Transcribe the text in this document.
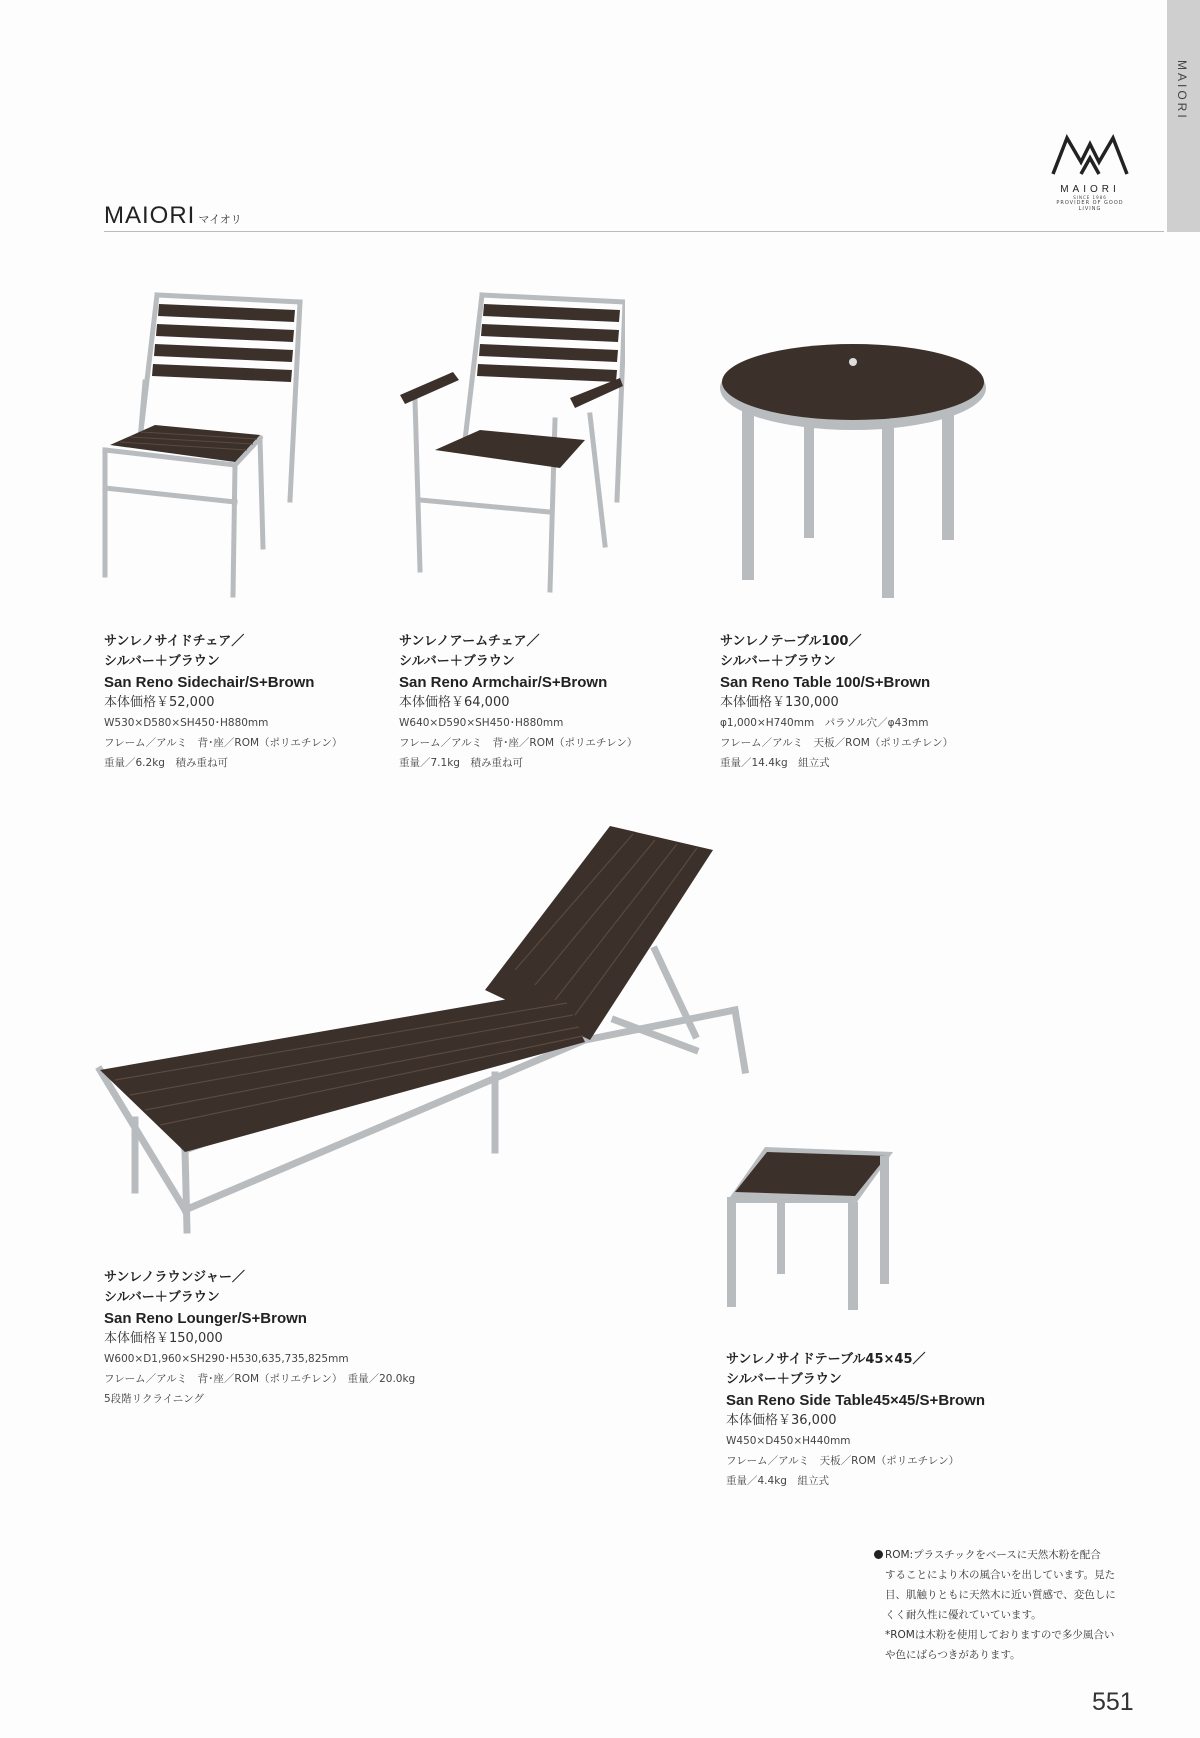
MAIORI
MAIORI
SINCE 1986
PROVIDER OF GOOD LIVING
MAIORI マイオリ
サンレノサイドチェア／
シルバー＋ブラウン
San Reno Sidechair/S+Brown
本体価格￥52,000
W530×D580×SH450･H880mm
フレーム／アルミ　背･座／ROM（ポリエチレン）
重量／6.2kg　積み重ね可
サンレノアームチェア／
シルバー＋ブラウン
San Reno Armchair/S+Brown
本体価格￥64,000
W640×D590×SH450･H880mm
フレーム／アルミ　背･座／ROM（ポリエチレン）
重量／7.1kg　積み重ね可
サンレノテーブル100／
シルバー＋ブラウン
San Reno Table 100/S+Brown
本体価格￥130,000
φ1,000×H740mm　パラソル穴／φ43mm
フレーム／アルミ　天板／ROM（ポリエチレン）
重量／14.4kg　組立式
サンレノラウンジャー／
シルバー＋ブラウン
San Reno Lounger/S+Brown
本体価格￥150,000
W600×D1,960×SH290･H530,635,735,825mm
フレーム／アルミ　背･座／ROM（ポリエチレン）　重量／20.0kg
5段階リクライニング
サンレノサイドテーブル45×45／
シルバー＋ブラウン
San Reno Side Table45×45/S+Brown
本体価格￥36,000
W450×D450×H440mm
フレーム／アルミ　天板／ROM（ポリエチレン）
重量／4.4kg　組立式
ROM:プラスチックをベースに天然木粉を配合
することにより木の風合いを出しています。見た
目、肌触りともに天然木に近い質感で、変色しに
くく耐久性に優れていています。
*ROMは木粉を使用しておりますので多少風合い
や色にばらつきがあります。
551
